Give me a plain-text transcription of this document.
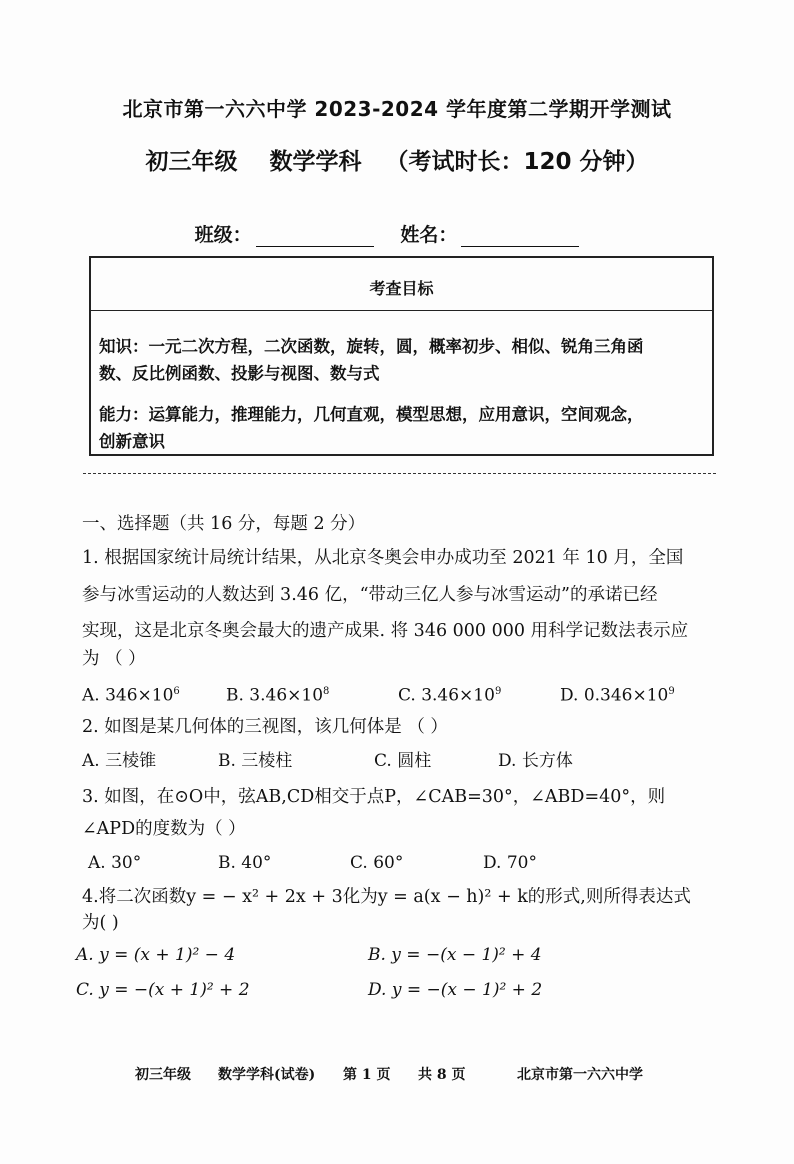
北京市第一六六中学 2023-2024 学年度第二学期开学测试
初三年级 数学学科 （考试时长：120 分钟）
班级：	姓名：
考查目标
知识：一元二次方程，二次函数，旋转，圆，概率初步、相似、锐角三角函
数、反比例函数、投影与视图、数与式
能力：运算能力，推理能力，几何直观，模型思想，应用意识，空间观念，
创新意识
一、选择题（共 16 分，每题 2 分）
1. 根据国家统计局统计结果，从北京冬奥会申办成功至 2021 年 10 月，全国
参与冰雪运动的人数达到 3.46 亿，“带动三亿人参与冰雪运动”的承诺已经
实现，这是北京冬奥会最大的遗产成果. 将 346 000 000 用科学记数法表示应
为 （ ）
A. $346\times 10^6$	B. $3.46\times 10^8$	C. $3.46\times 10^9$	D. $0.346\times 10^9$
2. 如图是某几何体的三视图，该几何体是 （ ）
A. 三棱锥	B. 三棱柱	C. 圆柱	D. 长方体
3. 如图，在⊙O中，弦AB,CD相交于点P，∠CAB=30°，∠ABD=40°，则
∠APD的度数为（ ）
A. 30°	B. 40°	C. 60°	D. 70°
4.将二次函数y = − x² + 2x + 3化为y = a(x − h)² + k的形式,则所得表达式
为( )
A. y = (x + 1)² − 4	B. y = −(x − 1)² + 4
C. y = −(x + 1)² + 2	D. y = −(x − 1)² + 2
初三年级 数学学科(试卷) 第 1 页 共 8 页	北京市第一六六中学
